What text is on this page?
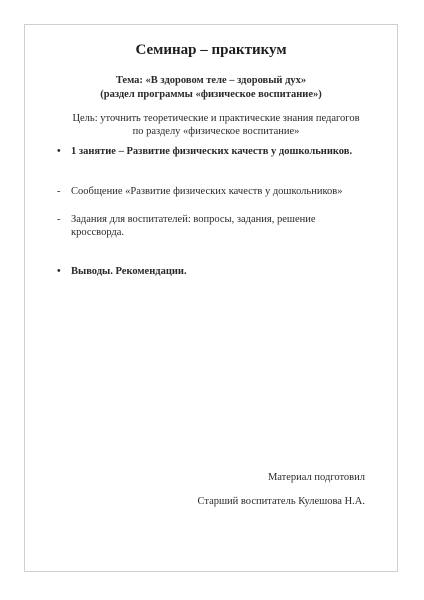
Семинар – практикум
Тема: «В здоровом теле – здоровый дух»
(раздел программы «физическое воспитание»)
Цель: уточнить теоретические и практические знания педагогов
по разделу «физическое воспитание»
• 1 занятие – Развитие физических качеств у дошкольников.
-	Сообщение «Развитие физических качеств у дошкольников»
-	Задания для воспитателей: вопросы, задания, решение кроссворда.
• Выводы. Рекомендации.
Материал подготовил
Старший воспитатель Кулешова Н.А.
